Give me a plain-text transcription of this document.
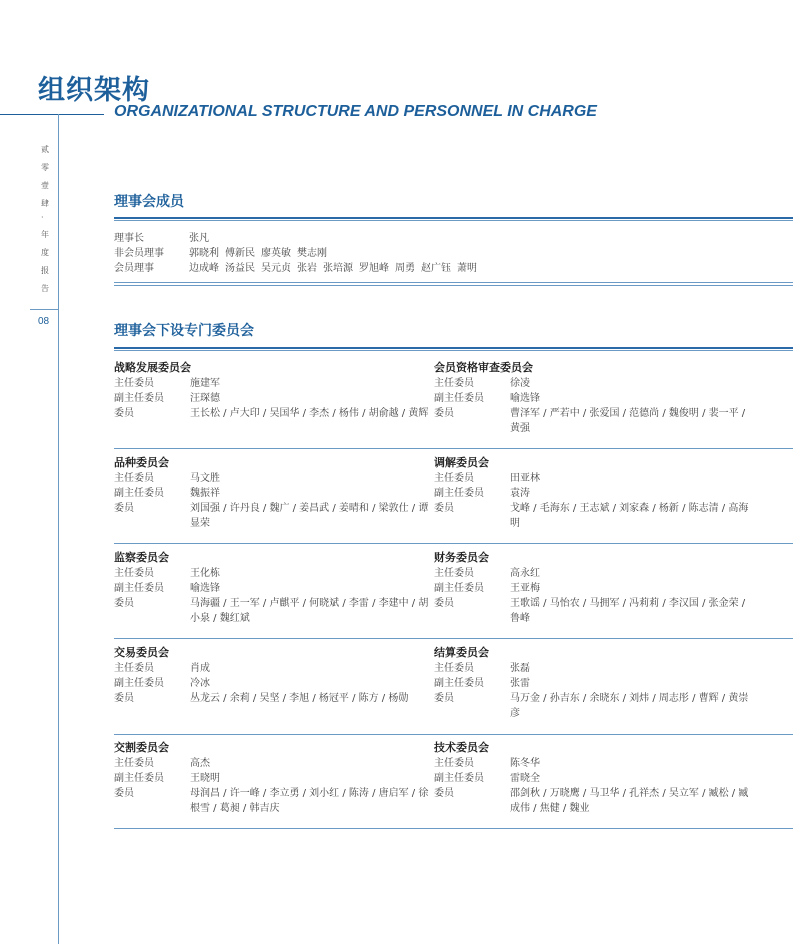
组织架构
ORGANIZATIONAL STRUCTURE AND PERSONNEL IN CHARGE
贰
零
壹
肆
·
年
度
报
告
08
理事会成员
理事长	张凡
非会员理事	郭晓利 傅新民 廖英敏 樊志刚
会员理事	边成峰 汤益民 吴元贞 张岩 张培源 罗旭峰 周勇 赵广钰 萧明
理事会下设专门委员会
战略发展委员会
主任委员	施建军
副主任委员	汪琛德
委员	王长松 / 卢大印 / 吴国华 / 李杰 / 杨伟 / 胡俞越 / 黄辉
会员资格审查委员会
主任委员	徐凌
副主任委员	喻选锋
委员	曹泽军 / 严若中 / 张爱国 / 范德尚 / 魏俊明 / 裴一平 / 黄强
品种委员会
主任委员	马文胜
副主任委员	魏振祥
委员	刘国强 / 许丹良 / 魏广 / 姜昌武 / 姜晴和 / 梁敦仕 / 谭显荣
调解委员会
主任委员	田亚林
副主任委员	袁涛
委员	戈峰 / 毛海东 / 王志斌 / 刘家森 / 杨新 / 陈志清 / 高海明
监察委员会
主任委员	王化栋
副主任委员	喻选锋
委员	马海疆 / 王一军 / 卢麒平 / 何晓斌 / 李雷 / 李建中 / 胡小泉 / 魏红斌
财务委员会
主任委员	高永红
副主任委员	王亚梅
委员	王歌谣 / 马怡农 / 马拥军 / 冯莉莉 / 李汉国 / 张金荣 / 鲁峰
交易委员会
主任委员	肖成
副主任委员	冷冰
委员	丛龙云 / 余莉 / 吴坚 / 李旭 / 杨冠平 / 陈方 / 杨勋
结算委员会
主任委员	张磊
副主任委员	张雷
委员	马万金 / 孙吉东 / 余晓东 / 刘炜 / 周志彤 / 曹辉 / 黄崇彦
交割委员会
主任委员	高杰
副主任委员	王晓明
委员	母润昌 / 许一峰 / 李立勇 / 刘小红 / 陈涛 / 唐启军 / 徐根雪 / 葛昶 / 韩吉庆
技术委员会
主任委员	陈冬华
副主任委员	雷晓全
委员	邵剑秋 / 万晓鹰 / 马卫华 / 孔祥杰 / 吴立军 / 臧松 / 臧成伟 / 焦健 / 魏业
